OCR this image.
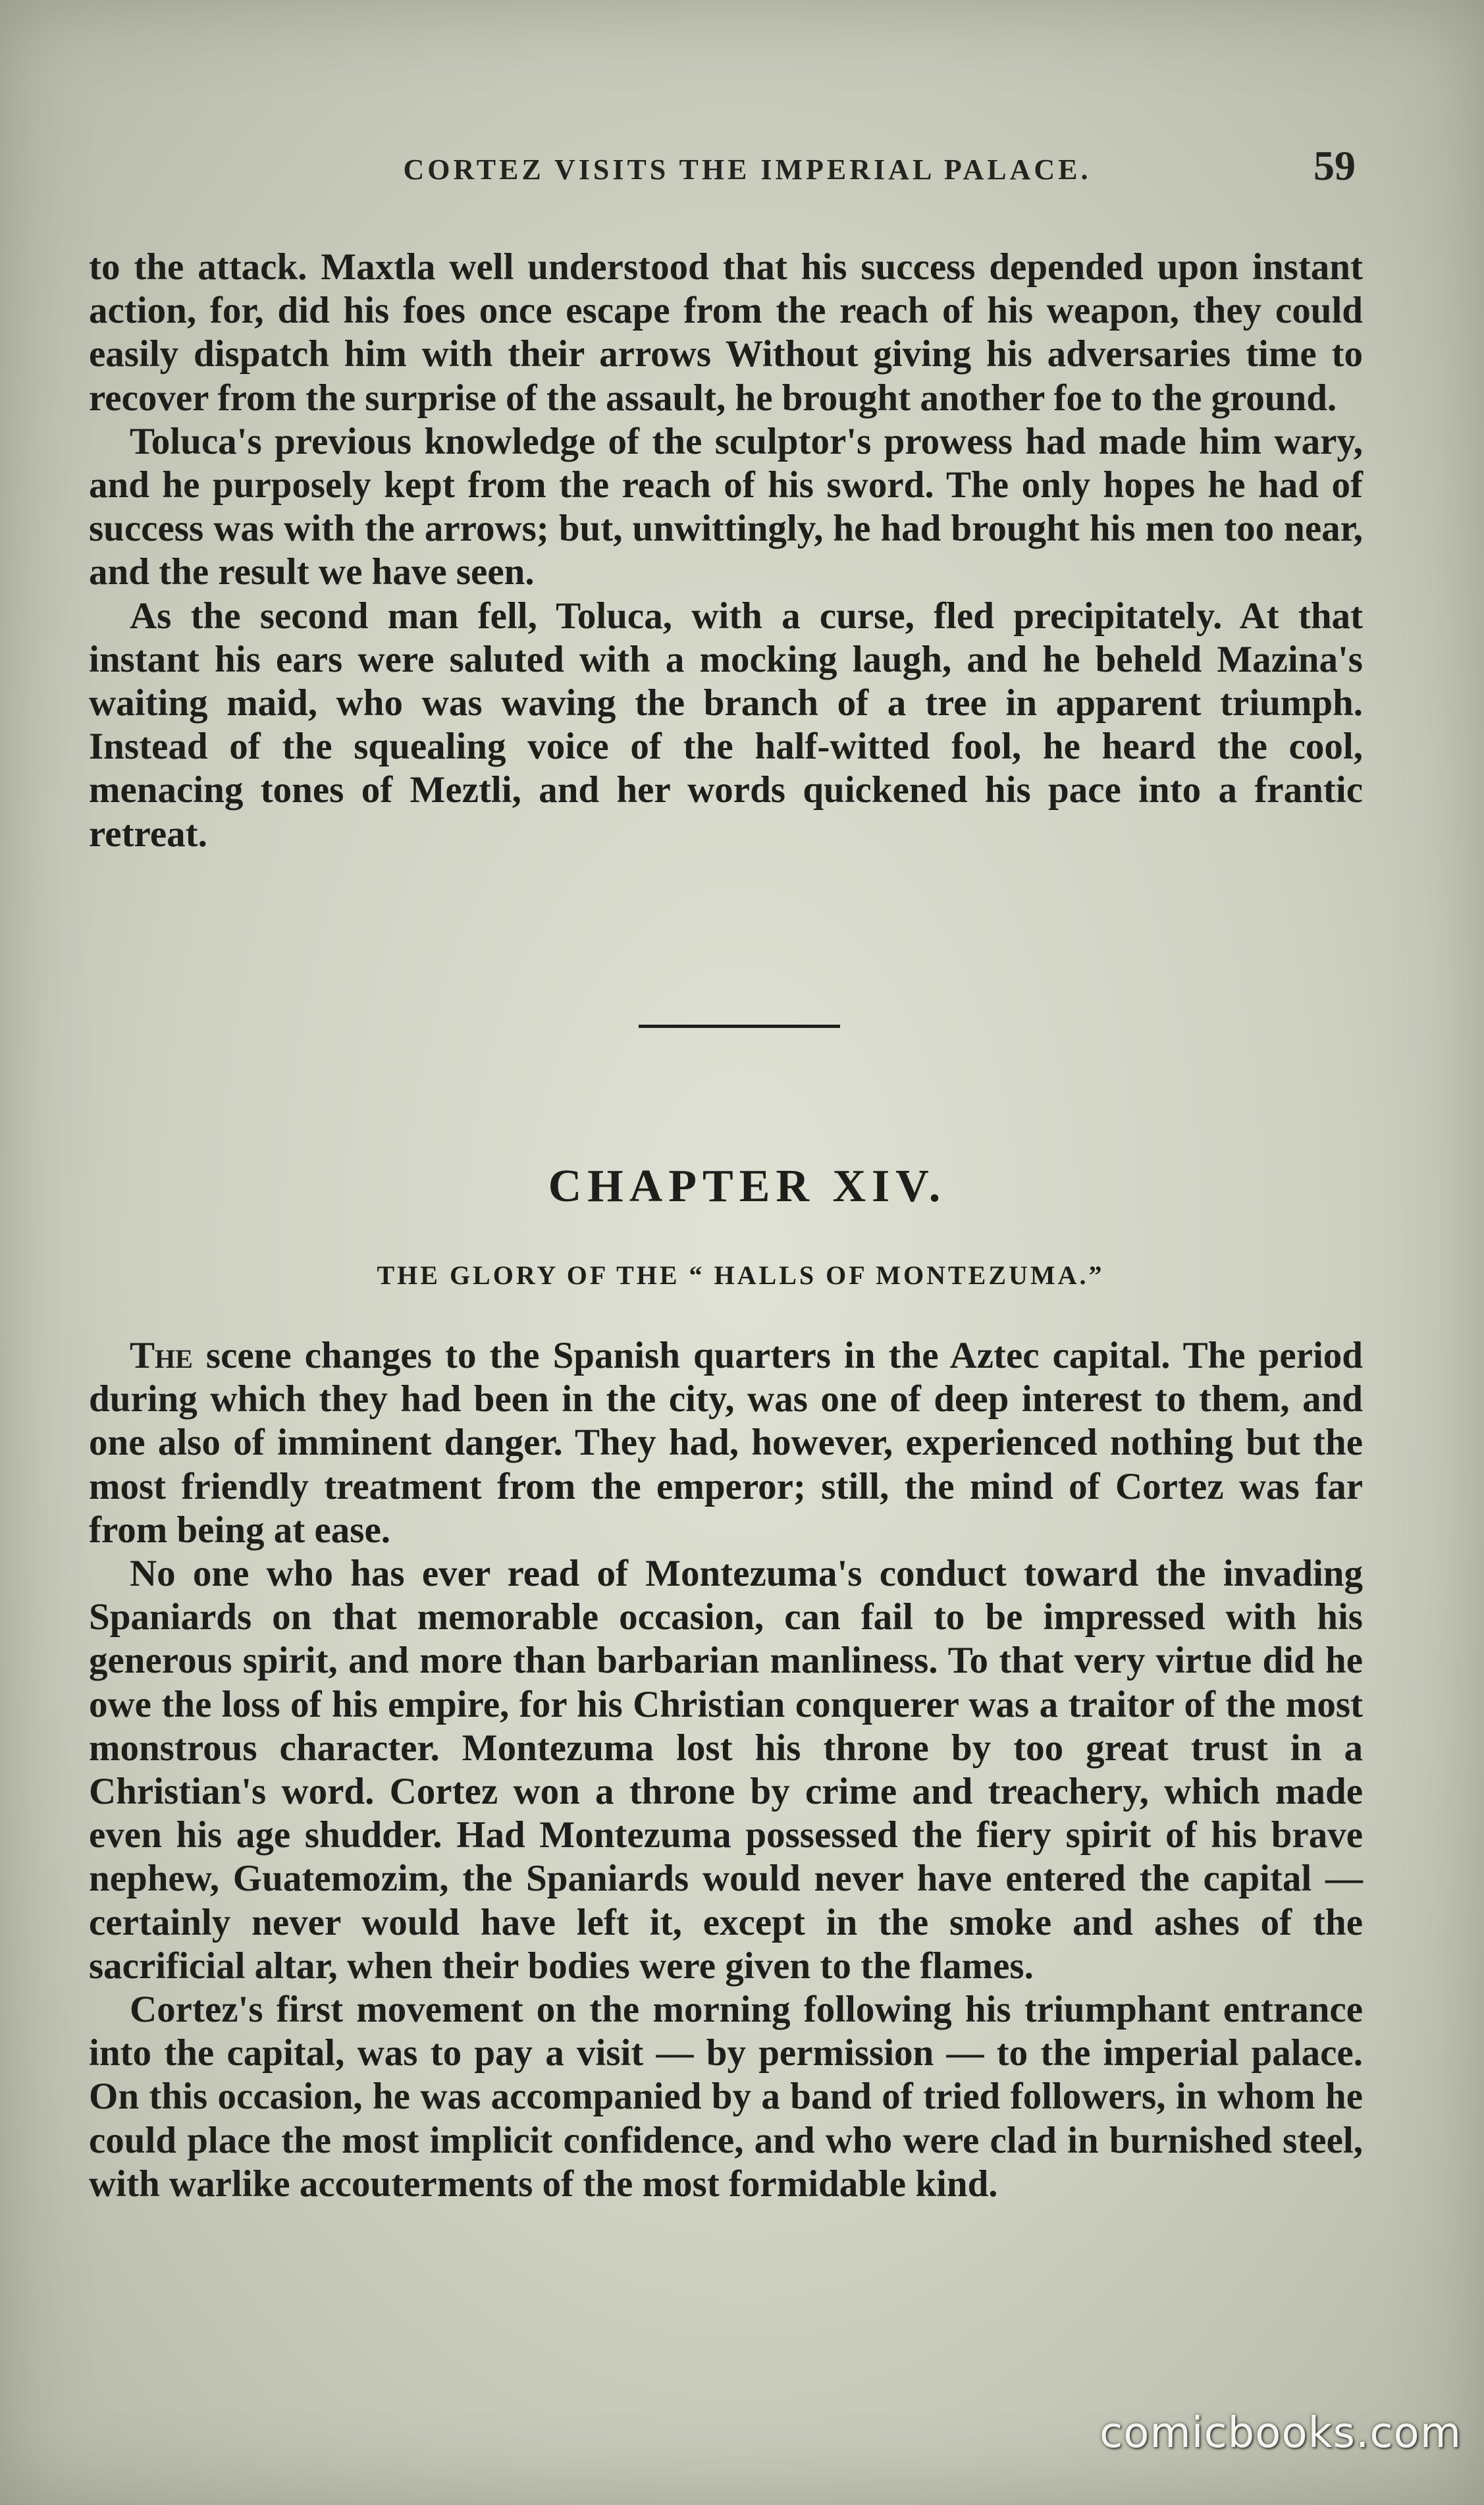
CORTEZ VISITS THE IMPERIAL PALACE.	59

to the attack. Maxtla well understood that his success depended upon instant action, for, did his foes once escape from the reach of his weapon, they could easily dispatch him with their arrows Without giving his adversaries time to recover from the surprise of the assault, he brought another foe to the ground.

Toluca's previous knowledge of the sculptor's prowess had made him wary, and he purposely kept from the reach of his sword. The only hopes he had of success was with the arrows; but, unwittingly, he had brought his men too near, and the result we have seen.

As the second man fell, Toluca, with a curse, fled precipitately. At that instant his ears were saluted with a mocking laugh, and he beheld Mazina's waiting maid, who was waving the branch of a tree in apparent triumph. Instead of the squealing voice of the half-witted fool, he heard the cool, menacing tones of Meztli, and her words quickened his pace into a frantic retreat.

CHAPTER XIV.
THE GLORY OF THE “ HALLS OF MONTEZUMA.”

The scene changes to the Spanish quarters in the Aztec capital. The period during which they had been in the city, was one of deep interest to them, and one also of imminent danger. They had, however, experienced nothing but the most friendly treatment from the emperor; still, the mind of Cortez was far from being at ease.

No one who has ever read of Montezuma's conduct toward the invading Spaniards on that memorable occasion, can fail to be impressed with his generous spirit, and more than barbarian manliness. To that very virtue did he owe the loss of his empire, for his Christian conquerer was a traitor of the most monstrous character. Montezuma lost his throne by too great trust in a Christian's word. Cortez won a throne by crime and treachery, which made even his age shudder. Had Montezuma possessed the fiery spirit of his brave nephew, Guatemozim, the Spaniards would never have entered the capital — certainly never would have left it, except in the smoke and ashes of the sacrificial altar, when their bodies were given to the flames.

Cortez's first movement on the morning following his triumphant entrance into the capital, was to pay a visit — by permission — to the imperial palace. On this occasion, he was accompanied by a band of tried followers, in whom he could place the most implicit confidence, and who were clad in burnished steel, with warlike accouterments of the most formidable kind.

comicbooks.com
